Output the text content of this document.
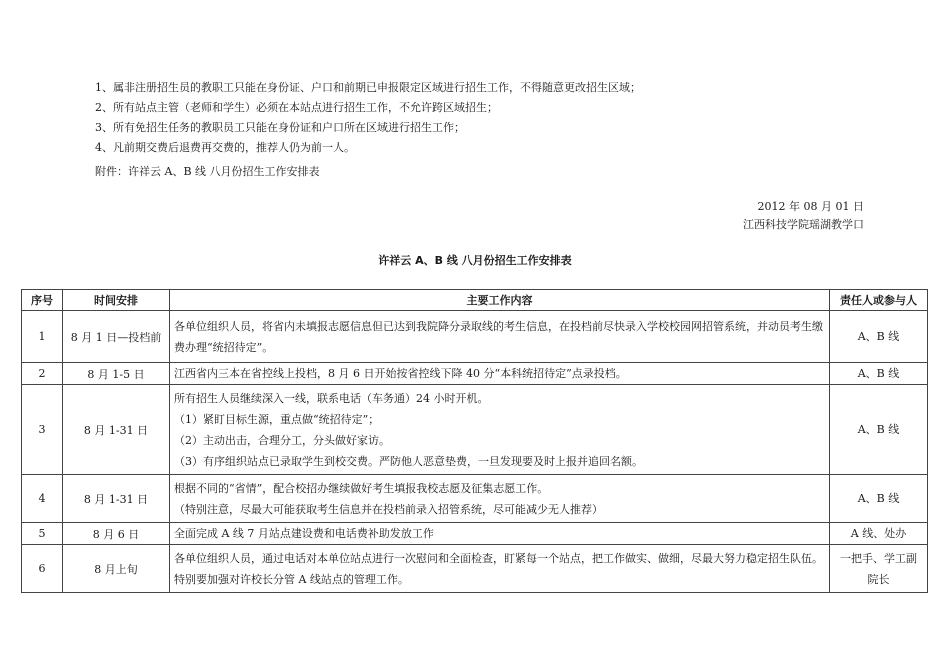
1、属非注册招生员的教职工只能在身份证、户口和前期已申报限定区域进行招生工作，不得随意更改招生区域；
2、所有站点主管（老师和学生）必须在本站点进行招生工作，不允许跨区域招生；
3、所有免招生任务的教职员工只能在身份证和户口所在区域进行招生工作；
4、凡前期交费后退费再交费的，推荐人仍为前一人。
附件：许祥云 A、B 线 八月份招生工作安排表
2012 年 08 月 01 日
江西科技学院瑶湖教学口
许祥云 A、B 线 八月份招生工作安排表
序号	时间安排	主要工作内容	责任人或参与人
1	8 月 1 日—投档前	各单位组织人员，将省内未填报志愿信息但已达到我院降分录取线的考生信息，在投档前尽快录入学校校园网招管系统，并动员考生缴费办理“统招待定”。	A、B 线

2	8 月 1-5 日	江西省内三本在省控线上投档，8 月 6 日开始按省控线下降 40 分“本科统招待定”点录投档。	A、B 线

3	8 月 1-31 日	所有招生人员继续深入一线，联系电话（车务通）24 小时开机。
（1）紧盯目标生源，重点做“统招待定”；
（2）主动出击，合理分工，分头做好家访。
（3）有序组织站点已录取学生到校交费。严防他人恶意垫费，一旦发现要及时上报并追回名额。	A、B 线

4	8 月 1-31 日	根据不同的“省情”，配合校招办继续做好考生填报我校志愿及征集志愿工作。
（特别注意，尽最大可能获取考生信息并在投档前录入招管系统，尽可能减少无人推荐）	A、B 线

5	8 月 6 日	全面完成 A 线 7 月站点建设费和电话费补助发放工作	A 线、处办

6	8 月上旬	各单位组织人员，通过电话对本单位站点进行一次慰问和全面检查，盯紧每一个站点，把工作做实、做细，尽最大努力稳定招生队伍。特别要加强对许校长分管 A 线站点的管理工作。	一把手、学工副
院长
